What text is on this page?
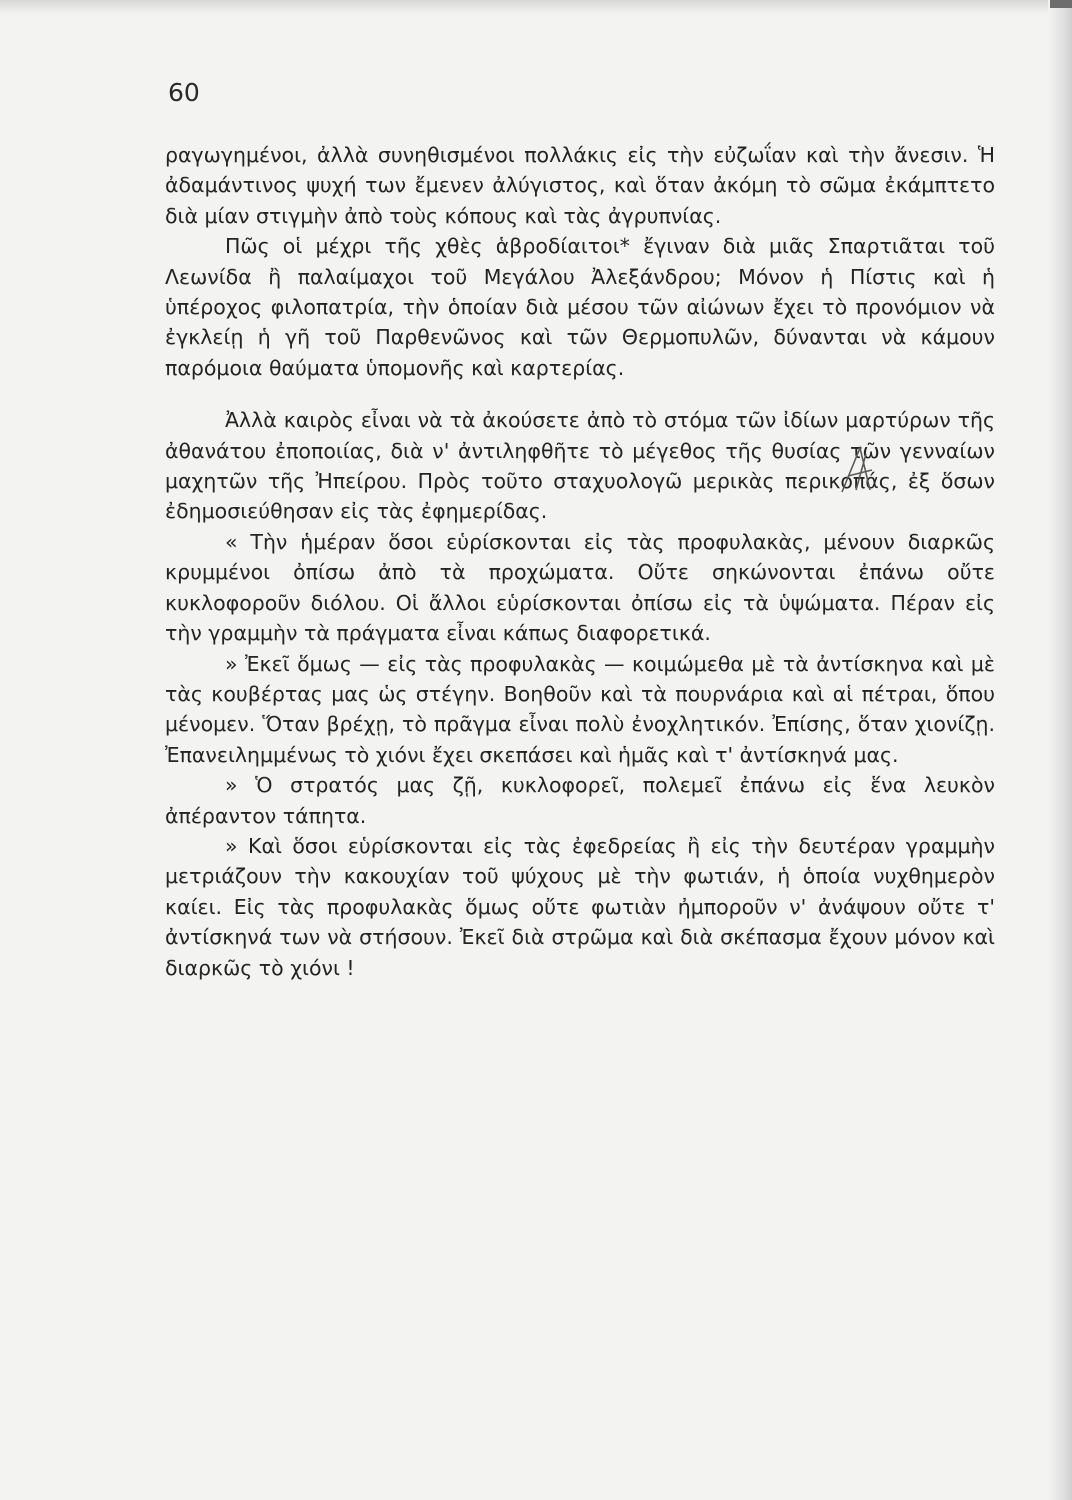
60

ραγωγημένοι, ἀλλὰ συνηθισμένοι πολλάκις εἰς τὴν εὐζωΐαν καὶ τὴν ἄνεσιν. Ἡ ἀδαμάντινος ψυχή των ἔμενεν ἀλύγιστος, καὶ ὅταν ἀκόμη τὸ σῶμα ἐκάμπτετο διὰ μίαν στιγμὴν ἀπὸ τοὺς κόπους καὶ τὰς ἀγρυπνίας.

Πῶς οἱ μέχρι τῆς χθὲς ἁβροδίαιτοι* ἔγιναν διὰ μιᾶς Σπαρτιᾶται τοῦ Λεωνίδα ἢ παλαίμαχοι τοῦ Μεγάλου Ἀλεξάνδρου; Μόνον ἡ Πίστις καὶ ἡ ὑπέροχος φιλοπατρία, τὴν ὁποίαν διὰ μέσου τῶν αἰώνων ἔχει τὸ προνόμιον νὰ ἐγκλείῃ ἡ γῆ τοῦ Παρθενῶνος καὶ τῶν Θερμοπυλῶν, δύνανται νὰ κάμουν παρόμοια θαύματα ὑπομονῆς καὶ καρτερίας.

Ἀλλὰ καιρὸς εἶναι νὰ τὰ ἀκούσετε ἀπὸ τὸ στόμα τῶν ἰδίων μαρτύρων τῆς ἀθανάτου ἐποποιίας, διὰ ν' ἀντιληφθῆτε τὸ μέγεθος τῆς θυσίας τῶν γενναίων μαχητῶν τῆς Ἠπείρου. Πρὸς τοῦτο σταχυολογῶ μερικὰς περικοπάς, ἐξ ὅσων ἐδημοσιεύθησαν εἰς τὰς ἐφημερίδας.

« Τὴν ἡμέραν ὅσοι εὑρίσκονται εἰς τὰς προφυλακὰς, μένουν διαρκῶς κρυμμένοι ὀπίσω ἀπὸ τὰ προχώματα. Οὔτε σηκώνονται ἐπάνω οὔτε κυκλοφοροῦν διόλου. Οἱ ἄλλοι εὑρίσκονται ὀπίσω εἰς τὰ ὑψώματα. Πέραν εἰς τὴν γραμμὴν τὰ πράγματα εἶναι κάπως διαφορετικά.

» Ἐκεῖ ὅμως — εἰς τὰς προφυλακὰς — κοιμώμεθα μὲ τὰ ἀντίσκηνα καὶ μὲ τὰς κουβέρτας μας ὡς στέγην. Βοηθοῦν καὶ τὰ πουρνάρια καὶ αἱ πέτραι, ὅπου μένομεν. Ὅταν βρέχῃ, τὸ πρᾶγμα εἶναι πολὺ ἐνοχλητικόν. Ἐπίσης, ὅταν χιονίζῃ. Ἐπανειλημμένως τὸ χιόνι ἔχει σκεπάσει καὶ ἡμᾶς καὶ τ' ἀντίσκηνά μας.

» Ὁ στρατός μας ζῇ, κυκλοφορεῖ, πολεμεῖ ἐπάνω εἰς ἕνα λευκὸν ἀπέραντον τάπητα.

» Καὶ ὅσοι εὑρίσκονται εἰς τὰς ἐφεδρείας ἢ εἰς τὴν δευτέραν γραμμὴν μετριάζουν τὴν κακουχίαν τοῦ ψύχους μὲ τὴν φωτιάν, ἡ ὁποία νυχθημερὸν καίει. Εἰς τὰς προφυλακὰς ὅμως οὔτε φωτιὰν ἠμποροῦν ν' ἀνάψουν οὔτε τ' ἀντίσκηνά των νὰ στήσουν. Ἐκεῖ διὰ στρῶμα καὶ διὰ σκέπασμα ἔχουν μόνον καὶ διαρκῶς τὸ χιόνι !
